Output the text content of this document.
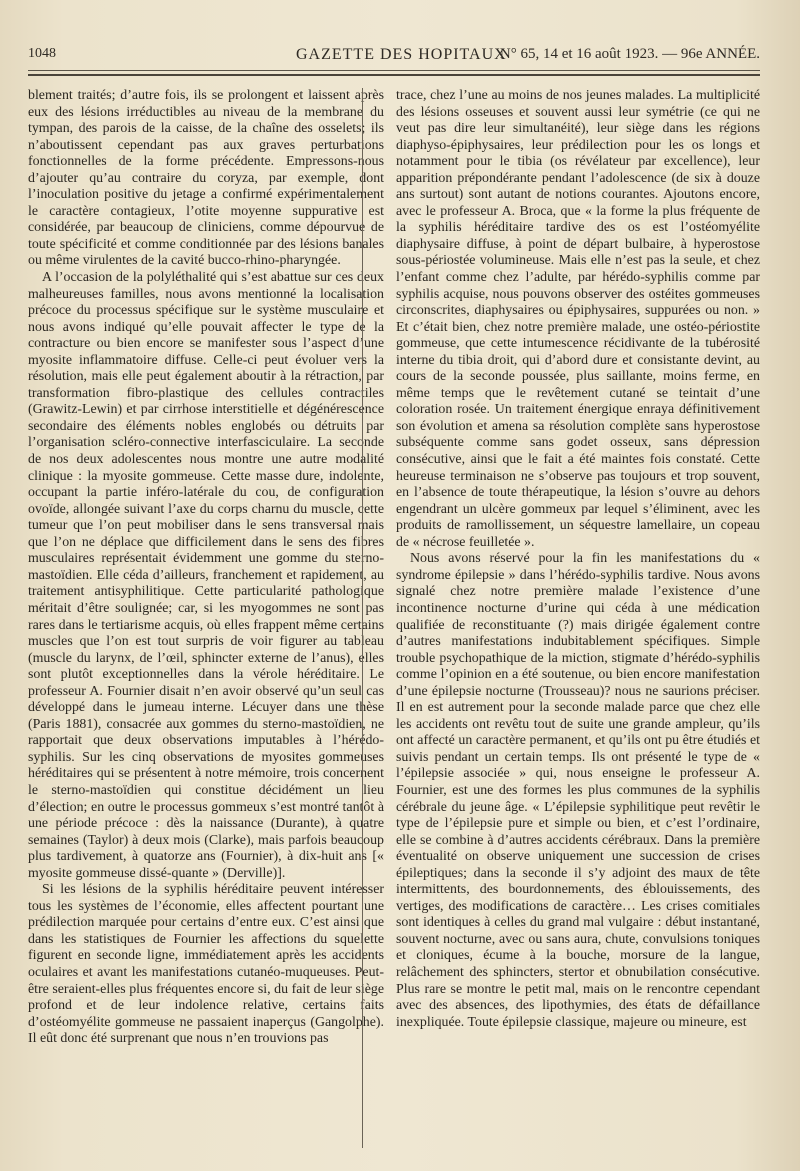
1048	GAZETTE DES HOPITAUX
N° 65, 14 et 16 août 1923. — 96e ANNÉE.

blement traités; d’autre fois, ils se prolongent et laissent après eux des lésions irréductibles au niveau de la membrane du tympan, des parois de la caisse, de la chaîne des osselets; ils n’aboutissent cependant pas aux graves perturbations fonctionnelles de la forme précédente. Empressons-nous d’ajouter qu’au contraire du coryza, par exemple, dont l’inoculation positive du jetage a confirmé expérimentalement le caractère contagieux, l’otite moyenne suppurative est considérée, par beaucoup de cliniciens, comme dépourvue de toute spécificité et comme conditionnée par des lésions banales ou même virulentes de la cavité bucco-rhino-pharyngée.

A l’occasion de la polyléthalité qui s’est abattue sur ces deux malheureuses familles, nous avons mentionné la localisation précoce du processus spécifique sur le système musculaire et nous avons indiqué qu’elle pouvait affecter le type de la contracture ou bien encore se manifester sous l’aspect d’une myosite inflammatoire diffuse. Celle-ci peut évoluer vers la résolution, mais elle peut également aboutir à la rétraction, par transformation fibro-plastique des cellules contractiles (Grawitz-Lewin) et par cirrhose interstitielle et dégénérescence secondaire des éléments nobles englobés ou détruits par l’organisation scléro-connective interfasciculaire. La seconde de nos deux adolescentes nous montre une autre modalité clinique : la myosite gommeuse. Cette masse dure, indolente, occupant la partie inféro-latérale du cou, de configuration ovoïde, allongée suivant l’axe du corps charnu du muscle, cette tumeur que l’on peut mobiliser dans le sens transversal mais que l’on ne déplace que difficilement dans le sens des fibres musculaires représentait évidemment une gomme du sterno-mastoïdien. Elle céda d’ailleurs, franchement et rapidement, au traitement antisyphilitique. Cette particularité pathologique méritait d’être soulignée; car, si les myogommes ne sont pas rares dans le tertiarisme acquis, où elles frappent même certains muscles que l’on est tout surpris de voir figurer au tableau (muscle du larynx, de l’œil, sphincter externe de l’anus), elles sont plutôt exceptionnelles dans la vérole héréditaire. Le professeur A. Fournier disait n’en avoir observé qu’un seul cas développé dans le jumeau interne. Lécuyer dans une thèse (Paris 1881), consacrée aux gommes du sterno-mastoïdien, ne rapportait que deux observations imputables à l’hérédo-syphilis. Sur les cinq observations de myosites gommeuses héréditaires qui se présentent à notre mémoire, trois concernent le sterno-mastoïdien qui constitue décidément un lieu d’élection; en outre le processus gommeux s’est montré tantôt à une période précoce : dès la naissance (Durante), à quatre semaines (Taylor) à deux mois (Clarke), mais parfois beaucoup plus tardivement, à quatorze ans (Fournier), à dix-huit ans [« myosite gommeuse dissé-quante » (Derville)].

Si les lésions de la syphilis héréditaire peuvent intéresser tous les systèmes de l’économie, elles affectent pourtant une prédilection marquée pour certains d’entre eux. C’est ainsi que dans les statistiques de Fournier les affections du squelette figurent en seconde ligne, immédiatement après les accidents oculaires et avant les manifestations cutanéo-muqueuses. Peut-être seraient-elles plus fréquentes encore si, du fait de leur siège profond et de leur indolence relative, certains faits d’ostéomyélite gommeuse ne passaient inaperçus (Gangolphe). Il eût donc été surprenant que nous n’en trouvions pas

trace, chez l’une au moins de nos jeunes malades. La multiplicité des lésions osseuses et souvent aussi leur symétrie (ce qui ne veut pas dire leur simultanéité), leur siège dans les régions diaphyso-épiphysaires, leur prédilection pour les os longs et notamment pour le tibia (os révélateur par excellence), leur apparition prépondérante pendant l’adolescence (de six à douze ans surtout) sont autant de notions courantes. Ajoutons encore, avec le professeur A. Broca, que « la forme la plus fréquente de la syphilis héréditaire tardive des os est l’ostéomyélite diaphysaire diffuse, à point de départ bulbaire, à hyperostose sous-périostée volumineuse. Mais elle n’est pas la seule, et chez l’enfant comme chez l’adulte, par hérédo-syphilis comme par syphilis acquise, nous pouvons observer des ostéites gommeuses circonscrites, diaphysaires ou épiphysaires, suppurées ou non. » Et c’était bien, chez notre première malade, une ostéo-périostite gommeuse, que cette intumescence récidivante de la tubérosité interne du tibia droit, qui d’abord dure et consistante devint, au cours de la seconde poussée, plus saillante, moins ferme, en même temps que le revêtement cutané se teintait d’une coloration rosée. Un traitement énergique enraya définitivement son évolution et amena sa résolution complète sans hyperostose subséquente comme sans godet osseux, sans dépression consécutive, ainsi que le fait a été maintes fois constaté. Cette heureuse terminaison ne s’observe pas toujours et trop souvent, en l’absence de toute thérapeutique, la lésion s’ouvre au dehors engendrant un ulcère gommeux par lequel s’éliminent, avec les produits de ramollissement, un séquestre lamellaire, un copeau de « nécrose feuilletée ».

Nous avons réservé pour la fin les manifestations du « syndrome épilepsie » dans l’hérédo-syphilis tardive. Nous avons signalé chez notre première malade l’existence d’une incontinence nocturne d’urine qui céda à une médication qualifiée de reconstituante (?) mais dirigée également contre d’autres manifestations indubitablement spécifiques. Simple trouble psychopathique de la miction, stigmate d’hérédo-syphilis comme l’opinion en a été soutenue, ou bien encore manifestation d’une épilepsie nocturne (Trousseau)? nous ne saurions préciser. Il en est autrement pour la seconde malade parce que chez elle les accidents ont revêtu tout de suite une grande ampleur, qu’ils ont affecté un caractère permanent, et qu’ils ont pu être étudiés et suivis pendant un certain temps. Ils ont présenté le type de « l’épilepsie associée » qui, nous enseigne le professeur A. Fournier, est une des formes les plus communes de la syphilis cérébrale du jeune âge. « L’épilepsie syphilitique peut revêtir le type de l’épilepsie pure et simple ou bien, et c’est l’ordinaire, elle se combine à d’autres accidents cérébraux. Dans la première éventualité on observe uniquement une succession de crises épileptiques; dans la seconde il s’y adjoint des maux de tête intermittents, des bourdonnements, des éblouissements, des vertiges, des modifications de caractère… Les crises comitiales sont identiques à celles du grand mal vulgaire : début instantané, souvent nocturne, avec ou sans aura, chute, convulsions toniques et cloniques, écume à la bouche, morsure de la langue, relâchement des sphincters, stertor et obnubilation consécutive. Plus rare se montre le petit mal, mais on le rencontre cependant avec des absences, des lipothymies, des états de défaillance inexpliquée. Toute épilepsie classique, majeure ou mineure, est
